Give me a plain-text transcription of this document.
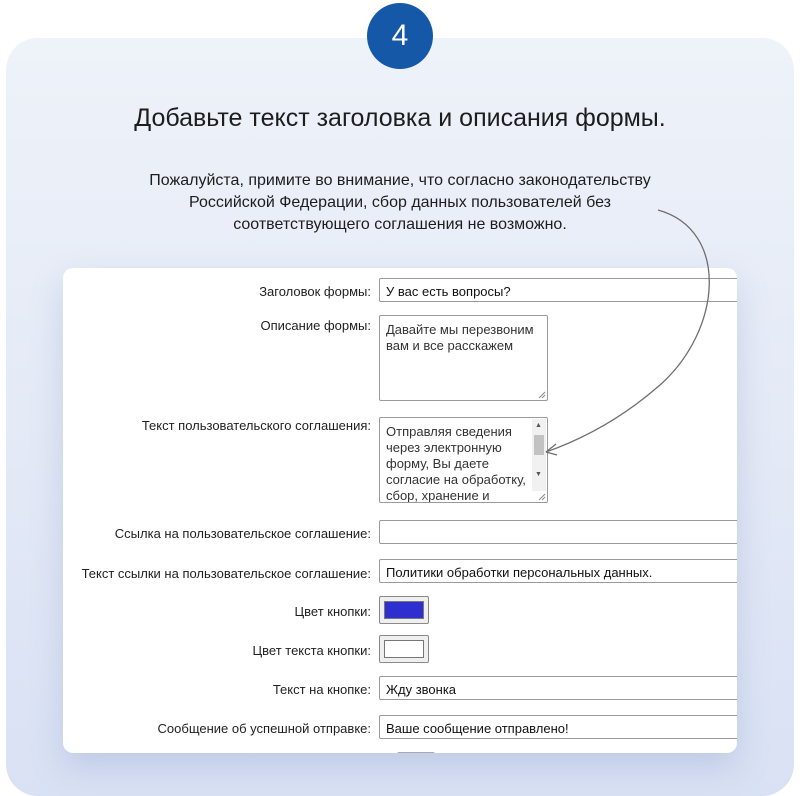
4
Добавьте текст заголовка и описания формы.
Пожалуйста, примите во внимание, что согласно законодательству
Российской Федерации, сбор данных пользователей без
соответствующего соглашения не возможно.
Заголовок формы:	У вас есть вопросы?
Описание формы:	Давайте мы перезвоним вам и все расскажем
Текст пользовательского соглашения:	Отправляя сведения через электронную форму, Вы даете согласие на обработку, сбор, хранение и
▲
▼
Ссылка на пользовательское соглашение:
Текст ссылки на пользовательское соглашение:	Политики обработки персональных данных.
Цвет кнопки:
Цвет текста кнопки:
Текст на кнопке:	Жду звонка
Сообщение об успешной отправке:	Ваше сообщение отправлено!
